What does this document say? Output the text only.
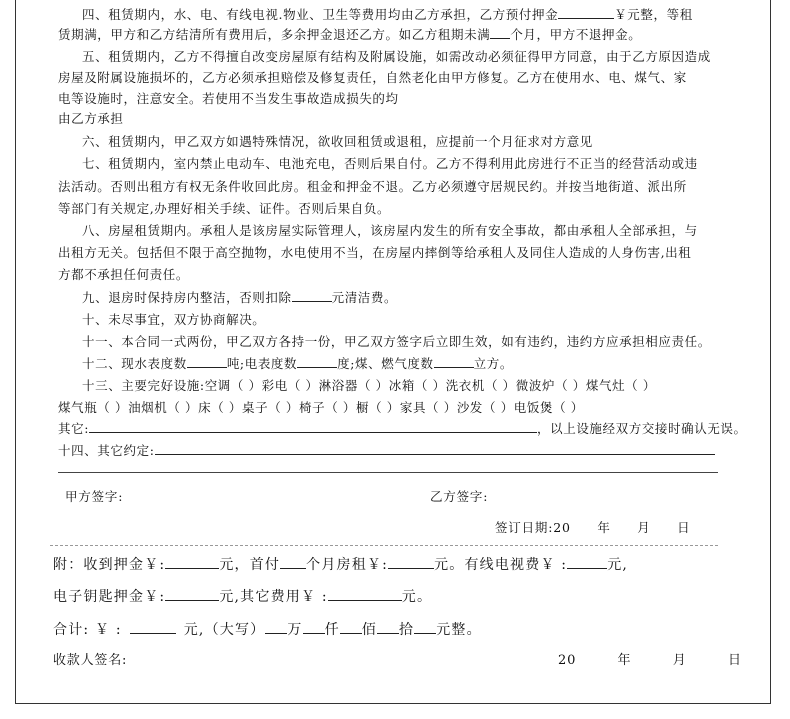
四、租赁期内，水、电、有线电视.物业、卫生等费用均由乙方承担，乙方预付押金	￥元整，等租
赁期满，甲方和乙方结清所有费用后，多余押金退还乙方。如乙方租期未满 个月，甲方不退押金。
五、租赁期内，乙方不得擅自改变房屋原有结构及附属设施，如需改动必须征得甲方同意，由于乙方原因造成
房屋及附属设施损坏的，乙方必须承担赔偿及修复责任，自然老化由甲方修复。乙方在使用水、电、煤气、家
电等设施时，注意安全。若使用不当发生事故造成损失的均
由乙方承担
六、租赁期内，甲乙双方如遇特殊情况，欲收回租赁或退租，应提前一个月征求对方意见
七、租赁期内，室内禁止电动车、电池充电，否则后果自付。乙方不得利用此房进行不正当的经营活动或违
法活动。否则出租方有权无条件收回此房。租金和押金不退。乙方必须遵守居规民约。并按当地街道、派出所
等部门有关规定,办理好相关手续、证件。否则后果自负。
八、房屋租赁期内。承租人是该房屋实际管理人，该房屋内发生的所有安全事故，都由承租人全部承担，与
出租方无关。包括但不限于高空抛物，水电使用不当，在房屋内摔倒等给承租人及同住人造成的人身伤害,出租
方都不承担任何责任。
九、退房时保持房内整洁，否则扣除	元清洁费。
十、未尽事宜，双方协商解决。
十一、本合同一式两份，甲乙双方各持一份，甲乙双方签字后立即生效，如有违约，违约方应承担相应责任。
十二、现水表度数	吨;电表度数	度;煤、燃气度数	立方。
十三、主要完好设施:空调（ ）彩电（ ）淋浴器（ ）冰箱（ ）洗衣机（ ）微波炉（ ）煤气灶（ ）
煤气瓶（ ）油烟机（ ）床（ ）桌子（ ）椅子（ ）橱（ ）家具（ ）沙发（ ）电饭煲（ ）
其它:	，以上设施经双方交接时确认无误。
十四、其它约定:
甲方签字:	乙方签字:
签订日期:20　　年　　月　　日
附：收到押金￥:	元，首付 个月房租￥:	元。有线电视费￥ :	元,
电子钥匙押金￥:	元,其它费用￥ :	元。
合计: ￥ :	元,（大写） 万 仟 佰 拾 元整。
收款人签名:	20　　　年　　　月　　　日
